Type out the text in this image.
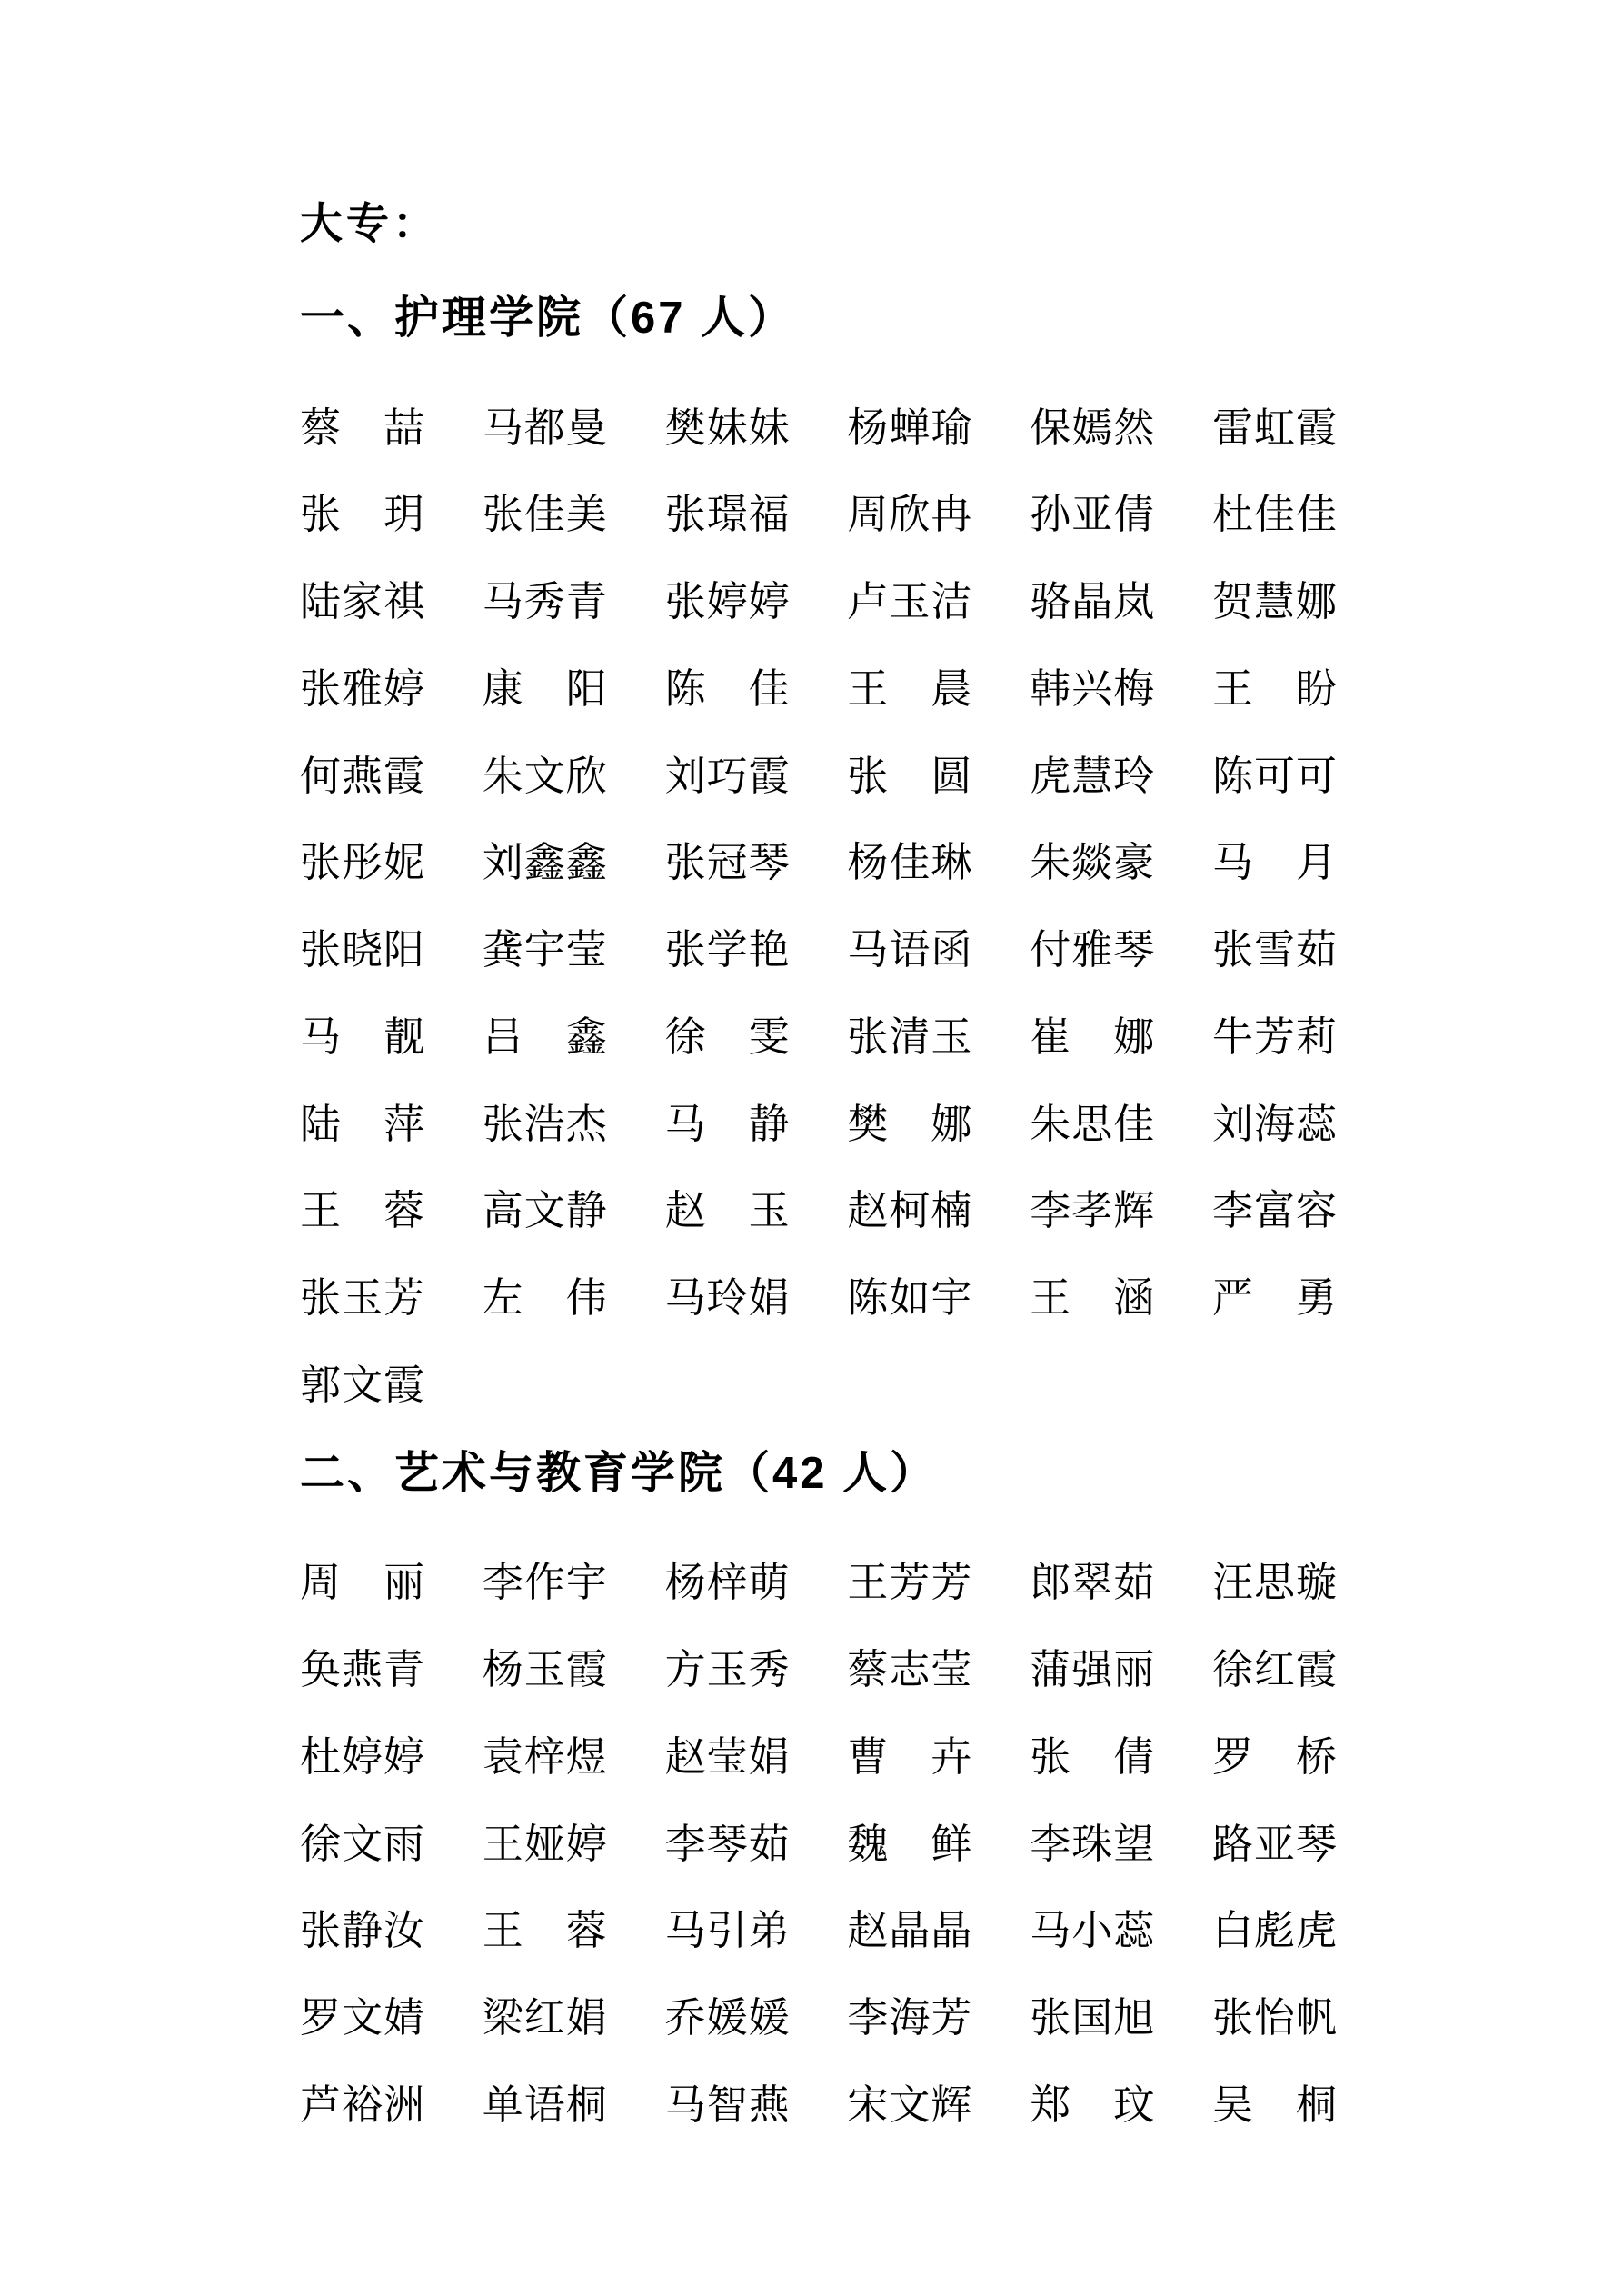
大专：
一、护理学院（67 人）
蔡　喆 马都曼 樊妹妹 杨蝉瑜 保嫣然 雷虹霞
张　玥 张佳美 张璟福 周欣冉 孙亚倩 杜佳佳
陆家祺 马秀青 张婷婷 卢玉洁 骆晶岚 贺慧娜
张雅婷 康　阳 陈　佳 王　晨 韩兴梅 王　盼
何燕霞 朱文欣 刘巧霞 张　圆 虎慧玲 陈可可
张彤妮 刘鑫鑫 张冠琴 杨佳琳 朱燚豪 马　月
张晓阳 龚宇莹 张学艳 马语函 付雅琴 张雪茹
马　靓 吕　鑫 徐　雯 张清玉 崔　娜 牛芳莉
陆　萍 张浩杰 马　静 樊　娜 朱思佳 刘海蕊
王　蓉 高文静 赵　玉 赵柯楠 李孝辉 李富容
张玉芳 左　伟 马玲娟 陈如宇 王　涵 严　勇
郭文霞
二、艺术与教育学院（42 人）
周　丽 李作宇 杨梓萌 王芳芳 郎翠茹 汪思璇
奂燕青 杨玉霞 方玉秀 蔡志莹 蒲强丽 徐红霞
杜婷婷 袁梓煜 赵莹娟 曹　卉 张　倩 罗　桥
徐文雨 王娅婷 李琴茹 魏　鲜 李珠望 路亚琴
张静汝 王　蓉 马引弟 赵晶晶 马小蕊 白彪虎
罗文婧 梁红娟 乔媛媛 李海芳 张国旭 张怡帆
芦裕洲 单语桐 马智燕 宋文辉 郑　玟 吴　桐
